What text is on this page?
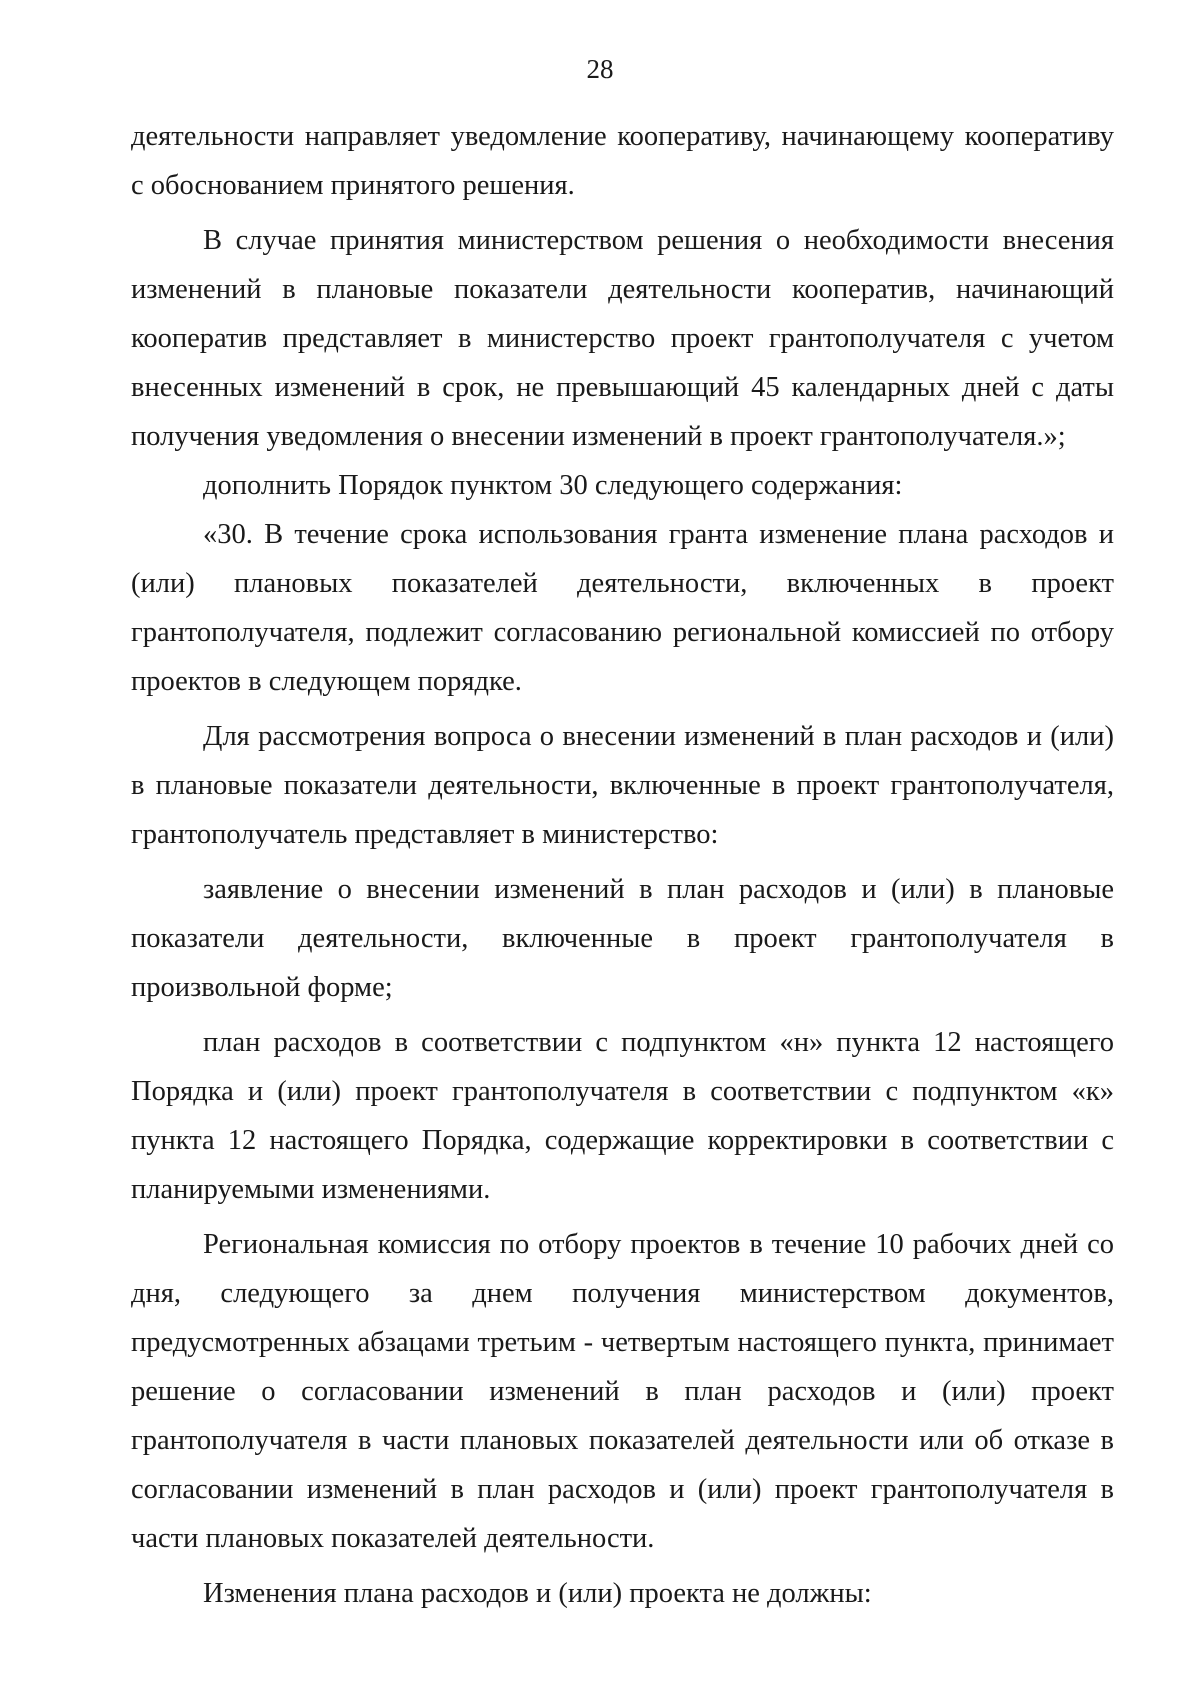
28

деятельности направляет уведомление кооперативу, начинающему кооперативу с обоснованием принятого решения.

В случае принятия министерством решения о необходимости внесения изменений в плановые показатели деятельности кооператив, начинающий кооператив представляет в министерство проект грантополучателя с учетом внесенных изменений в срок, не превышающий 45 календарных дней с даты получения уведомления о внесении изменений в проект грантополучателя.»;

дополнить Порядок пунктом 30 следующего содержания:

«30. В течение срока использования гранта изменение плана расходов и (или) плановых показателей деятельности, включенных в проект грантополучателя, подлежит согласованию региональной комиссией по отбору проектов в следующем порядке.

Для рассмотрения вопроса о внесении изменений в план расходов и (или) в плановые показатели деятельности, включенные в проект грантополучателя, грантополучатель представляет в министерство:

заявление о внесении изменений в план расходов и (или) в плановые показатели деятельности, включенные в проект грантополучателя в произвольной форме;

план расходов в соответствии с подпунктом «н» пункта 12 настоящего Порядка и (или) проект грантополучателя в соответствии с подпунктом «к» пункта 12 настоящего Порядка, содержащие корректировки в соответствии с планируемыми изменениями.

Региональная комиссия по отбору проектов в течение 10 рабочих дней со дня, следующего за днем получения министерством документов, предусмотренных абзацами третьим - четвертым настоящего пункта, принимает решение о согласовании изменений в план расходов и (или) проект грантополучателя в части плановых показателей деятельности или об отказе в согласовании изменений в план расходов и (или) проект грантополучателя в части плановых показателей деятельности.

Изменения плана расходов и (или) проекта не должны:
